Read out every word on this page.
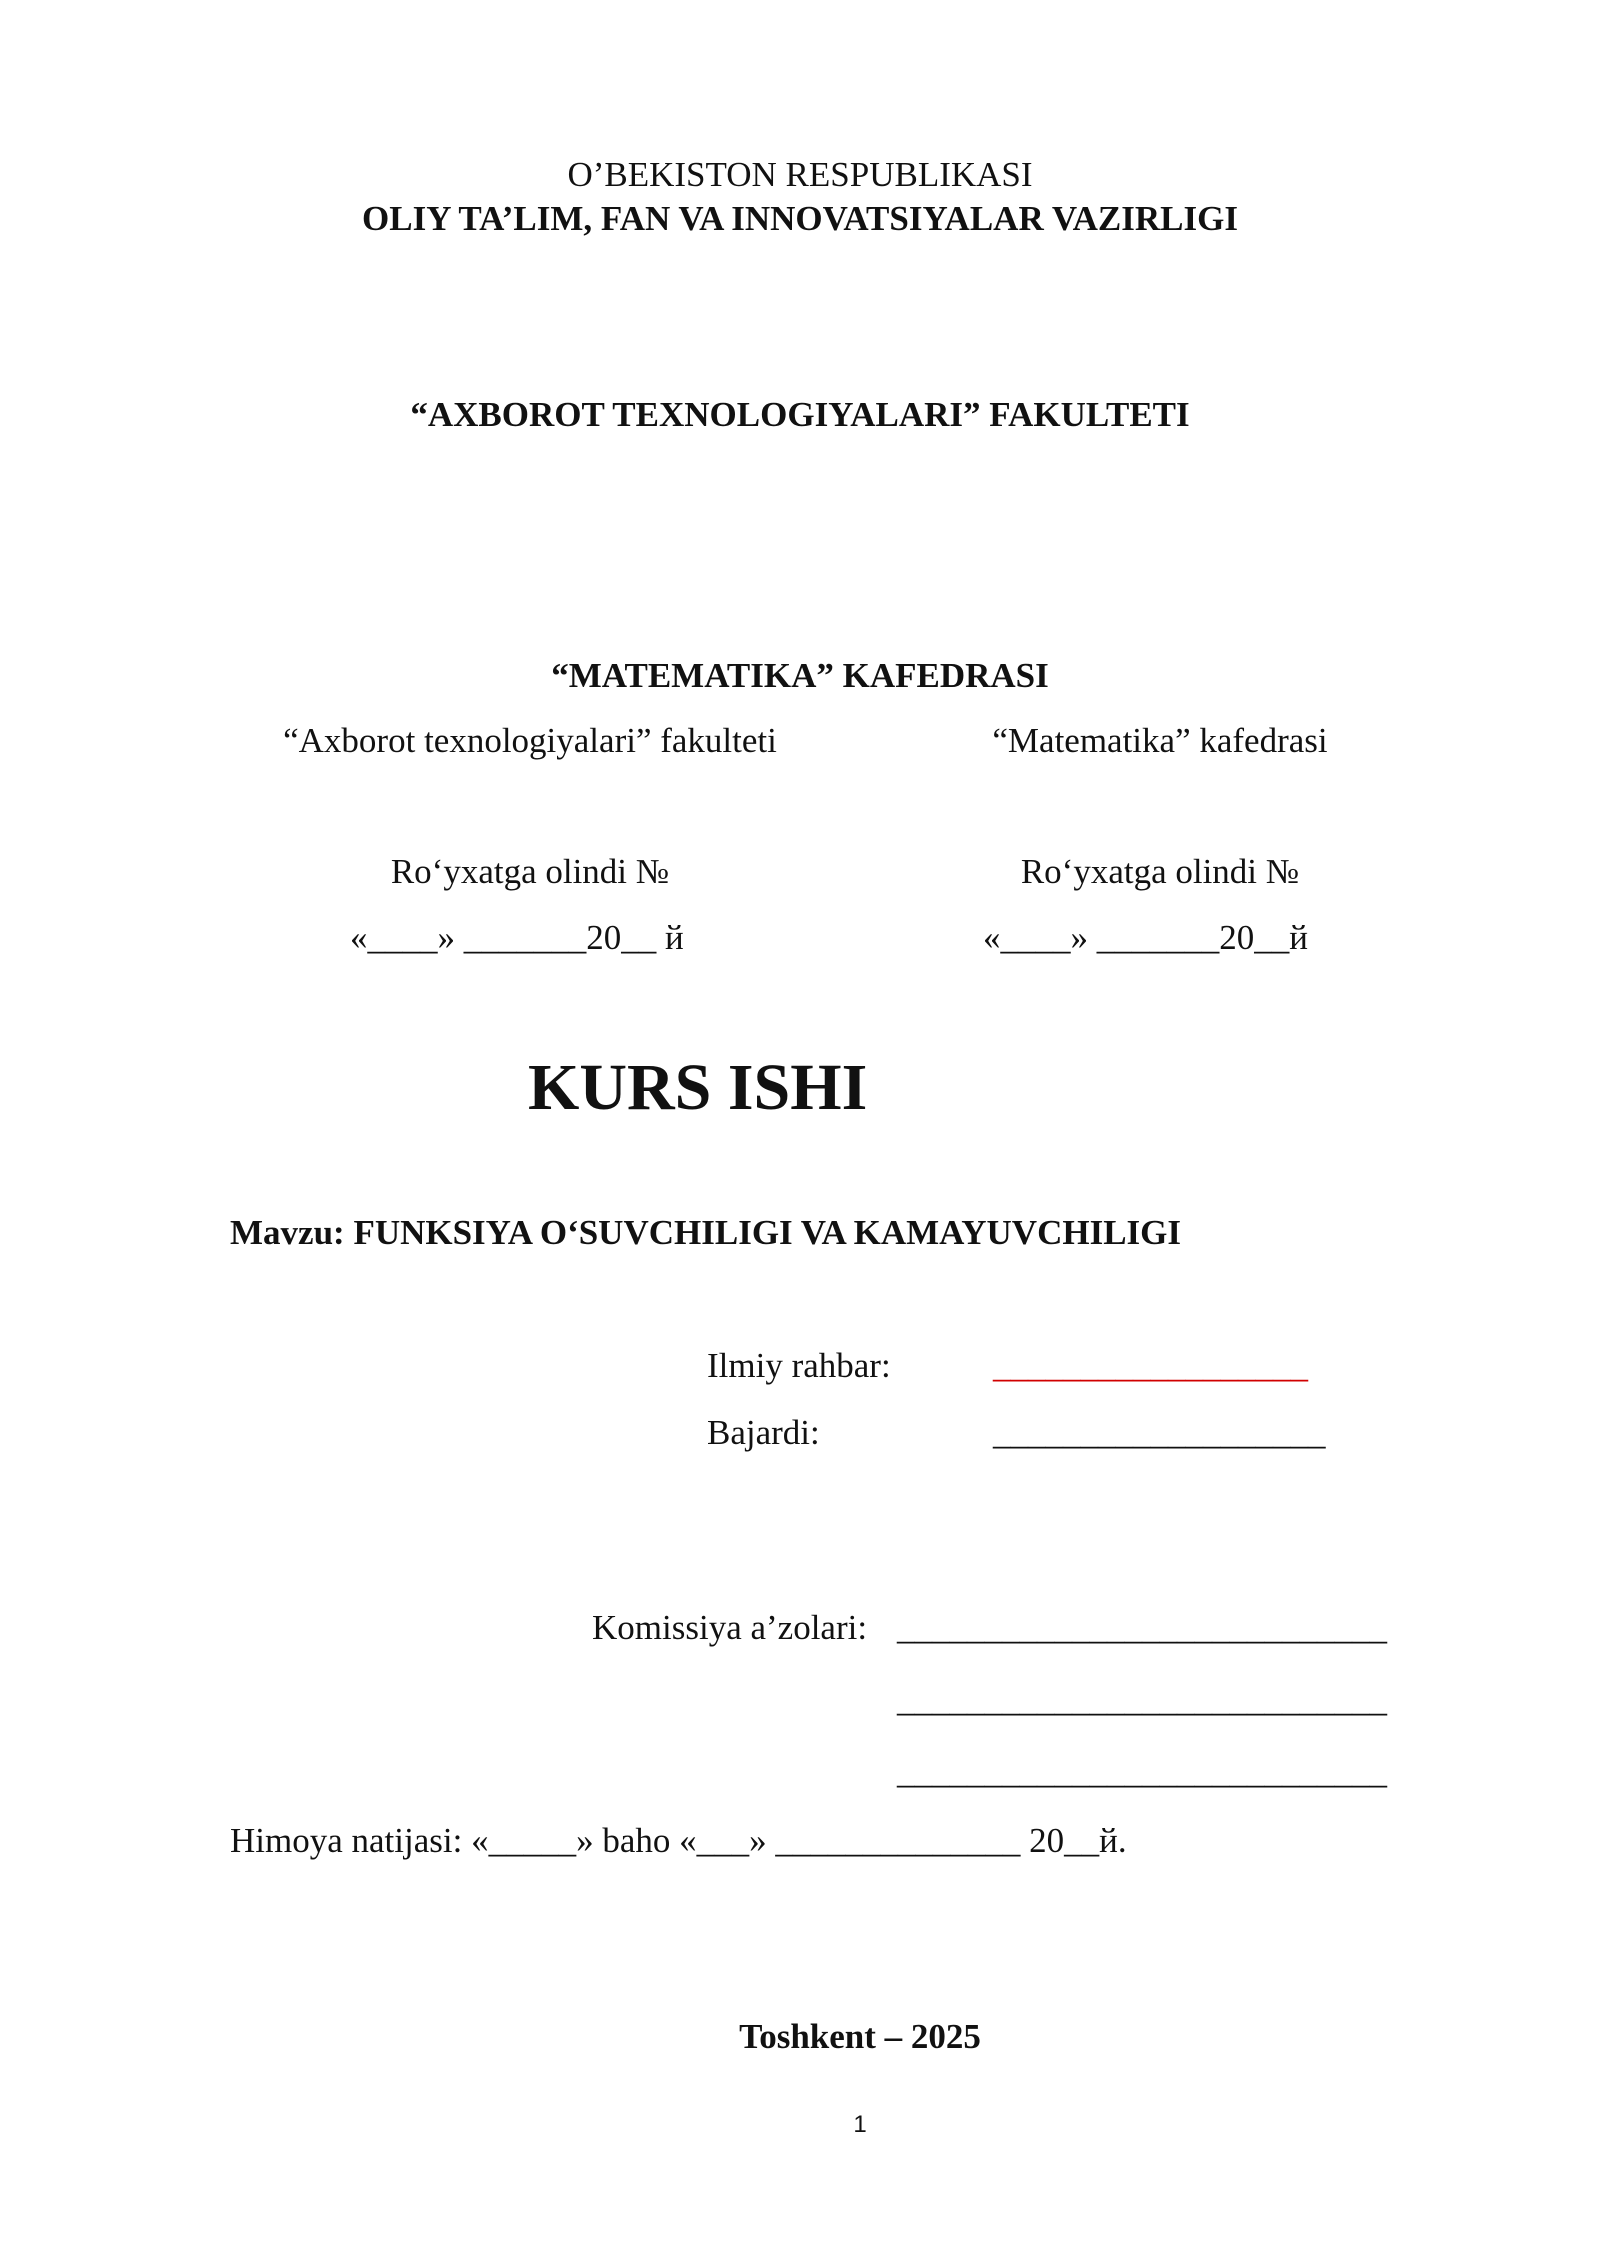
O’BEKISTON RESPUBLIKASI
OLIY TA’LIM, FAN VA INNOVATSIYALAR VAZIRLIGI
“AXBOROT TEXNOLOGIYALARI” FAKULTETI
“MATEMATIKA” KAFEDRASI
“Axborot texnologiyalari” fakulteti	“Matematika” kafedrasi
Roʻyxatga olindi №	Roʻyxatga olindi №
«____» _______20__ й	«____» _______20__й
KURS ISHI
Mavzu: FUNKSIYA OʻSUVCHILIGI VA KAMAYUVCHILIGI
Ilmiy rahbar:	__________________
Bajardi:	___________________
Komissiya a’zolari: ____________________________
____________________________
____________________________
Himoya natijasi: «_____» baho «___» ______________ 20__й.
Toshkent – 2025
1
